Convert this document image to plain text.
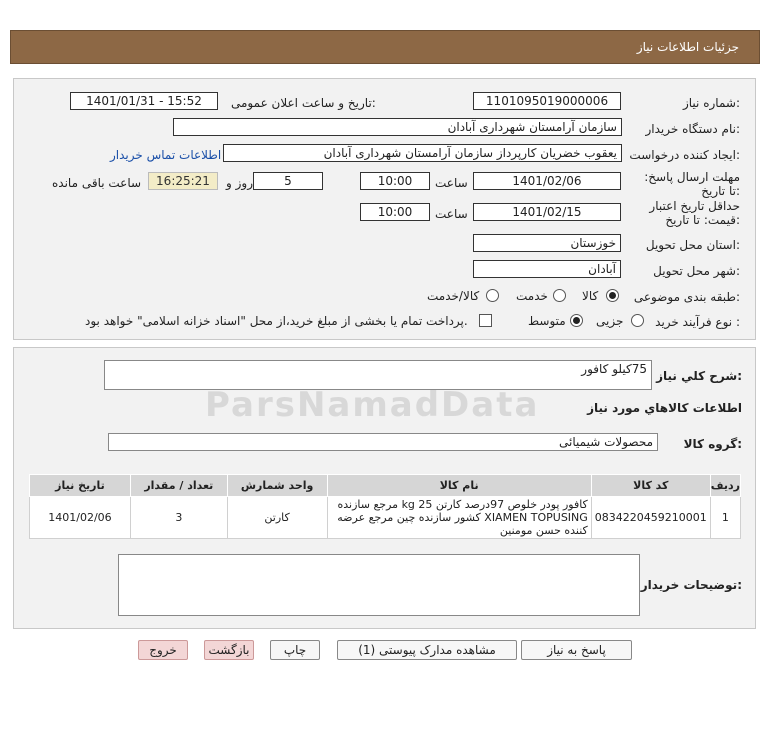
جزئیات اطلاعات نیاز
شماره نیاز:
1101095019000006
تاریخ و ساعت اعلان عمومی:
1401/01/31 - 15:52
نام دستگاه خریدار:
سازمان آرامستان شهرداری آبادان
ایجاد کننده درخواست:
یعقوب خضریان کارپرداز سازمان آرامستان شهرداری آبادان
اطلاعات تماس خریدار
مهلت ارسال پاسخ: تا تاریخ:
1401/02/06
ساعت
10:00
5
روز و
16:25:21
ساعت باقی مانده
حداقل تاریخ اعتبار قیمت: تا تاریخ:
1401/02/15
ساعت
10:00
استان محل تحویل:
خوزستان
شهر محل تحویل:
آبادان
طبقه بندی موضوعی:
کالا
خدمت
کالا/خدمت
نوع فرآیند خرید :
جزیی
متوسط
پرداخت تمام یا بخشی از مبلغ خرید،از محل "اسناد خزانه اسلامی" خواهد بود.
شرح کلي نياز:
75کیلو کافور
اطلاعات کالاهاي مورد نياز
گروه کالا:
محصولات شیمیائی
ردیف	کد کالا	نام کالا	واحد شمارش	تعداد / مقدار	تاریخ نیاز
1	0834220459210001	کافور پودر خلوص 97درصد کارتن 25 kg مرجع سازنده XIAMEN TOPUSING کشور سازنده چین مرجع عرضه کننده حسن مومنین	کارتن	3	1401/02/06
توضیحات خریدار:
ParsNamadData
پاسخ به نیاز
مشاهده مدارک پیوستی (1)
چاپ
بازگشت
خروج
